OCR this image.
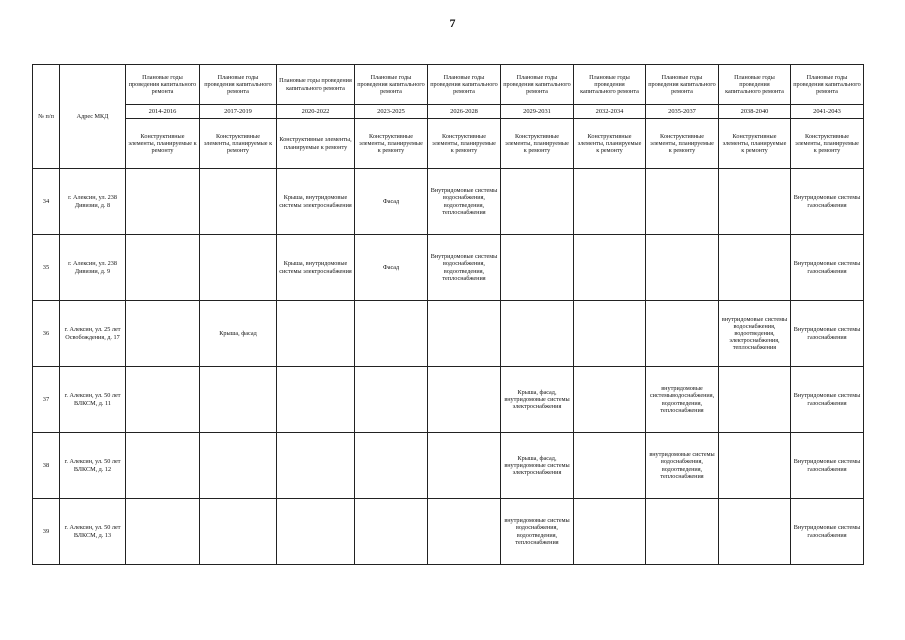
7
№ п/п	Адрес МКД	Плановые годы проведения капитального ремонта	Плановые годы проведения капитального ремонта	Плановые годы проведения капитального ремонта	Плановые годы проведения капитального ремонта	Плановые годы проведения капитального ремонта	Плановые годы проведения капитального ремонта	Плановые годы проведения капитального ремонта	Плановые годы проведения капитального ремонта	Плановые годы проведения капитального ремонта	Плановые годы проведения капитального ремонта
		2014-2016	2017-2019	2020-2022	2023-2025	2026-2028	2029-2031	2032-2034	2035-2037	2038-2040	2041-2043
		Конструктивные элементы, планируемые к ремонту	Конструктивные элементы, планируемые к ремонту	Конструктивные элементы, планируемые к ремонту	Конструктивные элементы, планируемые к ремонту	Конструктивные элементы, планируемые к ремонту	Конструктивные элементы, планируемые к ремонту	Конструктивные элементы, планируемые к ремонту	Конструктивные элементы, планируемые к ремонту	Конструктивные элементы, планируемые к ремонту	Конструктивные элементы, планируемые к ремонту
34	г. Алексин, ул. 238 Дивизии, д. 8			Крыша, внутридомовые системы электроснабжения	Фасад	Внутридомовые системы водоснабжения, водоотведения, теплоснабжения					Внутридомовые системы газоснабжения
35	г. Алексин, ул. 238 Дивизии, д. 9			Крыша, внутридомовые системы электроснабжения	Фасад	Внутридомовые системы водоснабжения, водоотведения, теплоснабжения					Внутридомовые системы газоснабжения
36	г. Алексин, ул. 25 лет Освобождения, д. 17		Крыша, фасад							внутридомовые системы водоснабжения, водоотведения, электроснабжения, теплоснабжения	Внутридомовые системы газоснабжения
37	г. Алексин, ул. 50 лет ВЛКСМ, д. 11						Крыша, фасад, внутридомовые системы электроснабжения		внутридомовые системыводоснабжения, водоотведения, теплоснабжения		Внутридомовые системы газоснабжения
38	г. Алексин, ул. 50 лет ВЛКСМ, д. 12						Крыша, фасад, внутридомовые системы электроснабжения		внутридомовые системы водоснабжения, водоотведения, теплоснабжения		Внутридомовые системы газоснабжения
39	г. Алексин, ул. 50 лет ВЛКСМ, д. 13						внутридомовые системы водоснабжения, водоотведения, теплоснабжения				Внутридомовые системы газоснабжения
